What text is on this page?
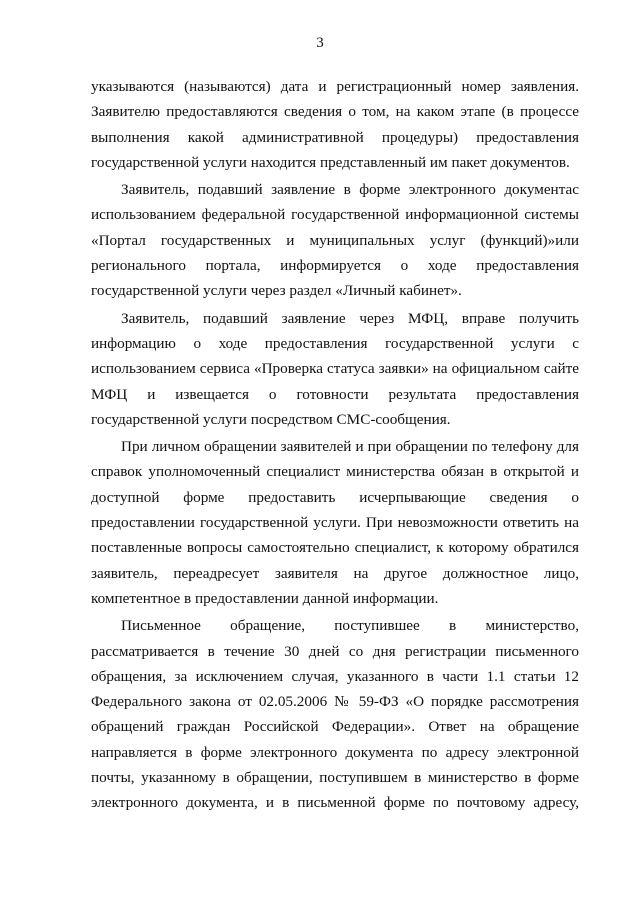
3
указываются (называются) дата и регистрационный номер заявления.
Заявителю предоставляются сведения о том, на каком этапе (в процессе
выполнения какой административной процедуры) предоставления
государственной услуги находится представленный им пакет документов.
Заявитель, подавший заявление в форме электронного документас
использованием федеральной государственной информационной системы
«Портал государственных и муниципальных услуг (функций)»или
регионального портала, информируется о ходе предоставления
государственной услуги через раздел «Личный кабинет».
Заявитель, подавший заявление через МФЦ, вправе получить
информацию о ходе предоставления государственной услуги с
использованием сервиса «Проверка статуса заявки» на официальном сайте
МФЦ и извещается о готовности результата предоставления
государственной услуги посредством СМС-сообщения.
При личном обращении заявителей и при обращении по телефону для
справок уполномоченный специалист министерства обязан в открытой и
доступной форме предоставить исчерпывающие сведения о
предоставлении государственной услуги. При невозможности ответить на
поставленные вопросы самостоятельно специалист, к которому обратился
заявитель, переадресует заявителя на другое должностное лицо,
компетентное в предоставлении данной информации.
Письменное обращение, поступившее в министерство,
рассматривается в течение 30 дней со дня регистрации письменного
обращения, за исключением случая, указанного в части 1.1 статьи 12
Федерального закона от 02.05.2006 № 59-ФЗ «О порядке рассмотрения
обращений граждан Российской Федерации». Ответ на обращение
направляется в форме электронного документа по адресу электронной
почты, указанному в обращении, поступившем в министерство в форме
электронного документа, и в письменной форме по почтовому адресу,
